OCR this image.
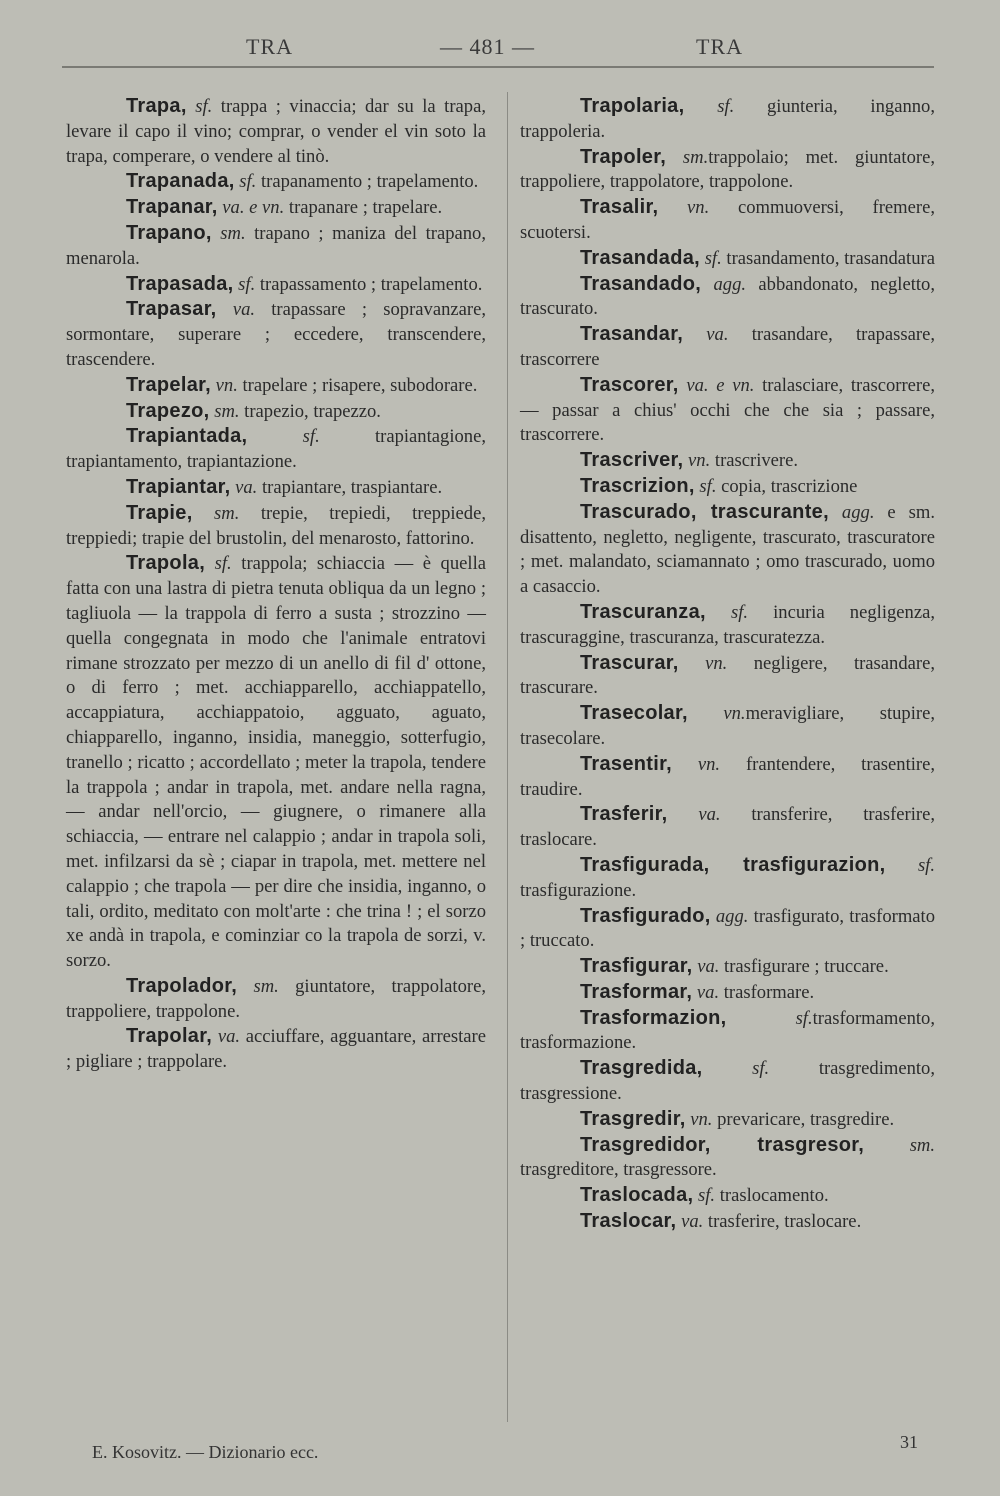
TRA	— 481 —	TRA

Trapa, sf. trappa ; vinaccia; dar su la trapa, levare il capo il vino; comprar, o vender el vin soto la trapa, comperare, o vendere al tinò.

Trapanada, sf. trapanamento ; trapelamento.

Trapanar, va. e vn. trapanare ; trapelare.

Trapano, sm. trapano ; maniza del trapano, menarola.

Trapasada, sf. trapassamento ; trapelamento.

Trapasar, va. trapassare ; sopravanzare, sormontare, superare ; eccedere, transcendere, trascendere.

Trapelar, vn. trapelare ; risapere, subodorare.

Trapezo, sm. trapezio, trapezzo.

Trapiantada,	sf. trapiantagione, trapiantamento, trapiantazione.

Trapiantar, va. trapiantare, traspiantare.

Trapie, sm. trepie, trepiedi, treppiede, treppiedi; trapie del brustolin, del menarosto, fattorino.

Trapola, sf. trappola; schiaccia — è quella fatta con una lastra di pietra tenuta obliqua da un legno ; tagliuola — la trappola di ferro a susta ; strozzino — quella congegnata in modo che l'animale entratovi rimane strozzato per mezzo di un anello di fil d' ottone, o di ferro ; met. acchiapparello, acchiappatello, accappiatura, acchiappatoio, agguato, aguato, chiapparello, inganno, insidia, maneggio, sotterfugio, tranello ; ricatto ; accordellato ; meter la trapola, tendere la trappola ; andar in trapola, met. andare nella ragna, — andar nell'orcio, — giugnere, o rimanere alla schiaccia, — entrare nel calappio ; andar in trapola soli, met. infilzarsi da sè ; ciapar in trapola, met. mettere nel calappio ; che trapola — per dire che insidia, inganno, o tali, ordito, meditato con molt'arte : che trina ! ; el sorzo xe andà in trapola, e cominziar co la trapola de sorzi, v. sorzo.

Trapolador, sm. giuntatore, trappolatore, trappoliere, trappolone.

Trapolar, va. acciuffare, agguantare, arrestare ; pigliare ; trappolare.

Trapolaria, sf. giunteria, inganno, trappoleria.

Trapoler, sm.trappolaio; met. giuntatore, trappoliere, trappolatore, trappolone.

Trasalir, vn. commuoversi, fremere, scuotersi.

Trasandada, sf. trasandamento, trasandatura

Trasandado, agg. abbandonato, negletto, trascurato.

Trasandar, va. trasandare, trapassare, trascorrere

Trascorer, va. e vn. tralasciare, trascorrere, — passar a chius' occhi che che sia ; passare, trascorrere.

Trascriver, vn. trascrivere.

Trascrizion, sf. copia, trascrizione

Trascurado, trascurante, agg. e sm. disattento, negletto, negligente, trascurato, trascuratore ; met. malandato, sciamannato ; omo trascurado, uomo a casaccio.

Trascuranza, sf. incuria negligenza, trascuraggine, trascuranza, trascuratezza.

Trascurar, vn. negligere, trasandare, trascurare.

Trasecolar, vn.meravigliare, stupire, trasecolare.

Trasentir, vn. frantendere, trasentire, traudire.

Trasferir, va. transferire, trasferire, traslocare.

Trasfigurada, trasfigurazion, sf. trasfigurazione.

Trasfigurado, agg. trasfigurato, trasformato ; truccato.

Trasfigurar, va. trasfigurare ; truccare.

Trasformar, va. trasformare.

Trasformazion,	sf.trasformamento, trasformazione.

Trasgredida,	sf. trasgredimento, trasgressione.

Trasgredir, vn. prevaricare, trasgredire.

Trasgredidor, trasgresor, sm. trasgreditore, trasgressore.

Traslocada, sf. traslocamento.

Traslocar, va. trasferire, traslocare.

E. Kosovitz. — Dizionario ecc.	31
